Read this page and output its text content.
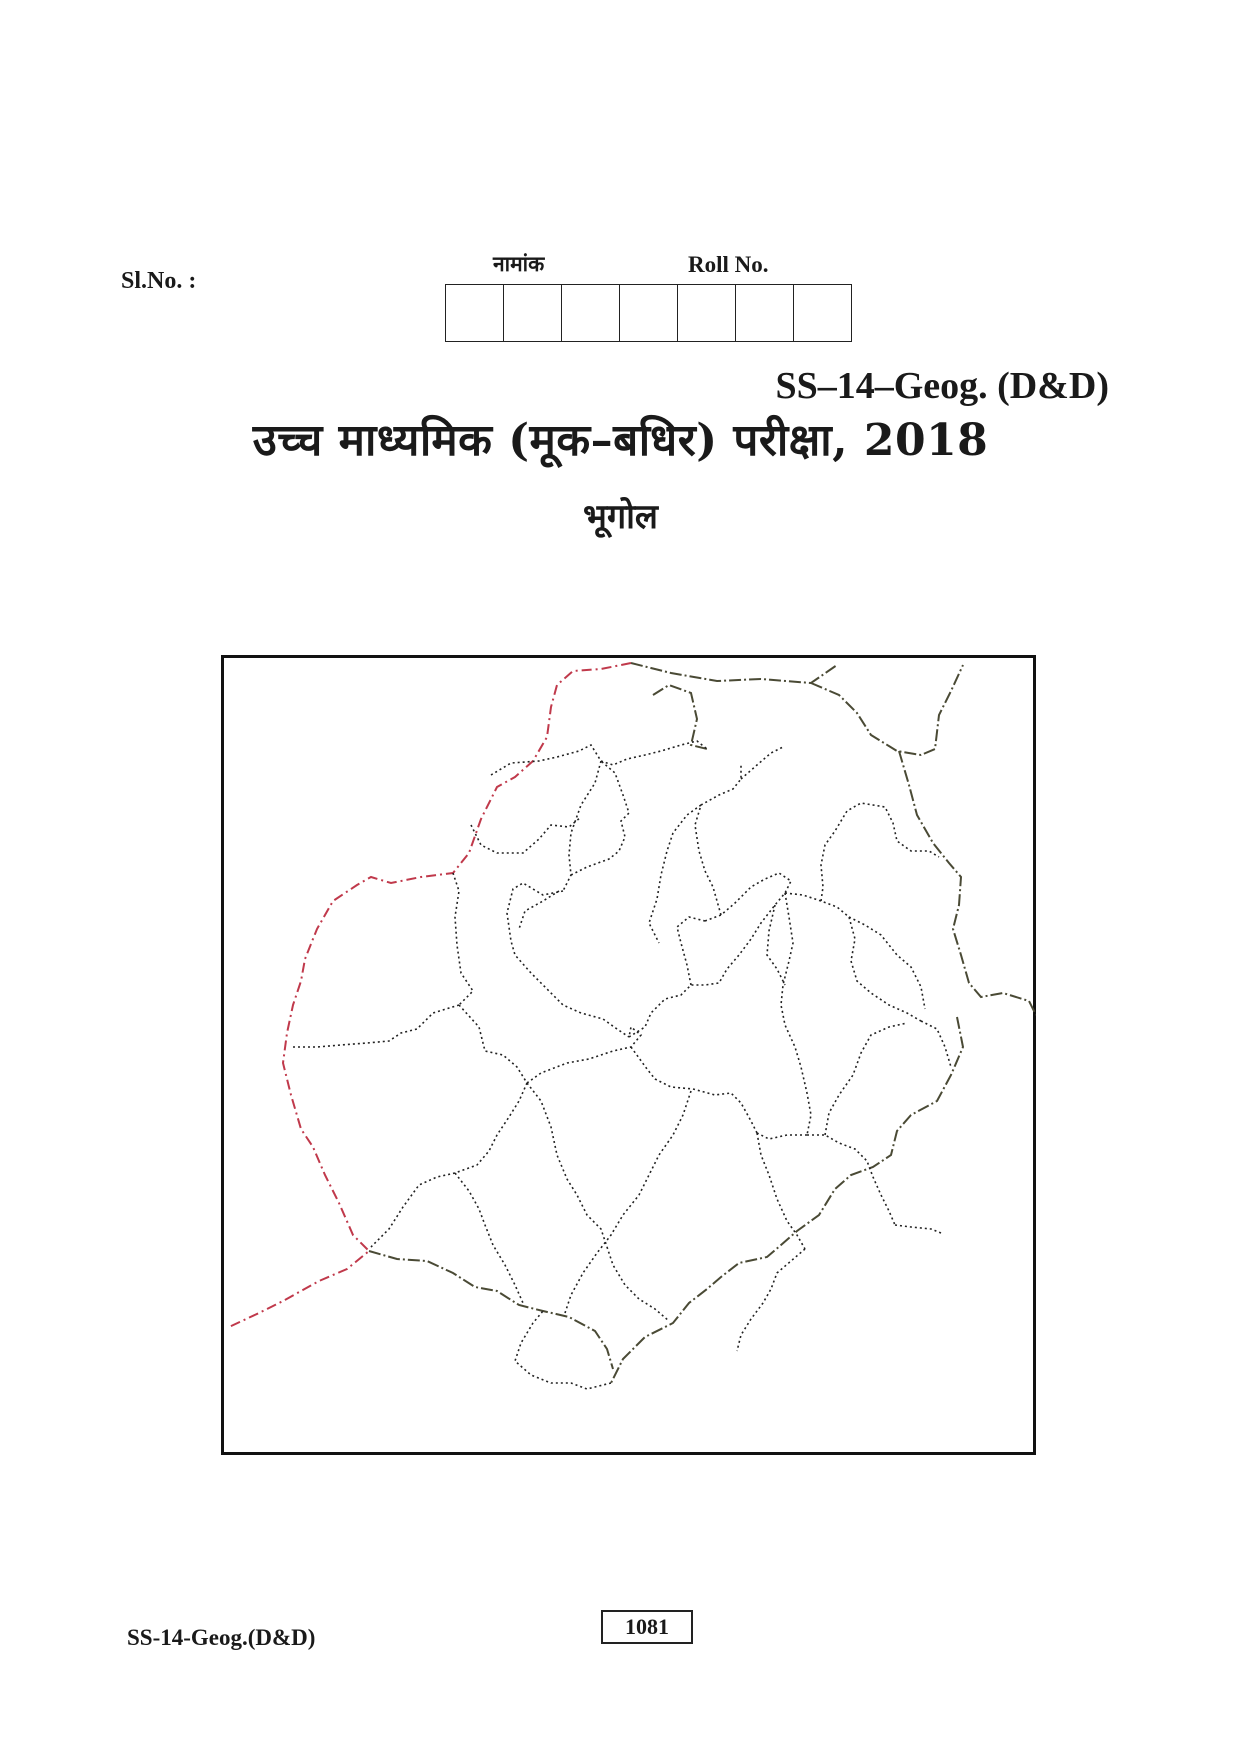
Sl.No. :
नामांक	Roll No.
SS–14–Geog. (D&D)
उच्च माध्यमिक (मूक–बधिर) परीक्षा, 2018
भूगोल
SS-14-Geog.(D&D)	1081
